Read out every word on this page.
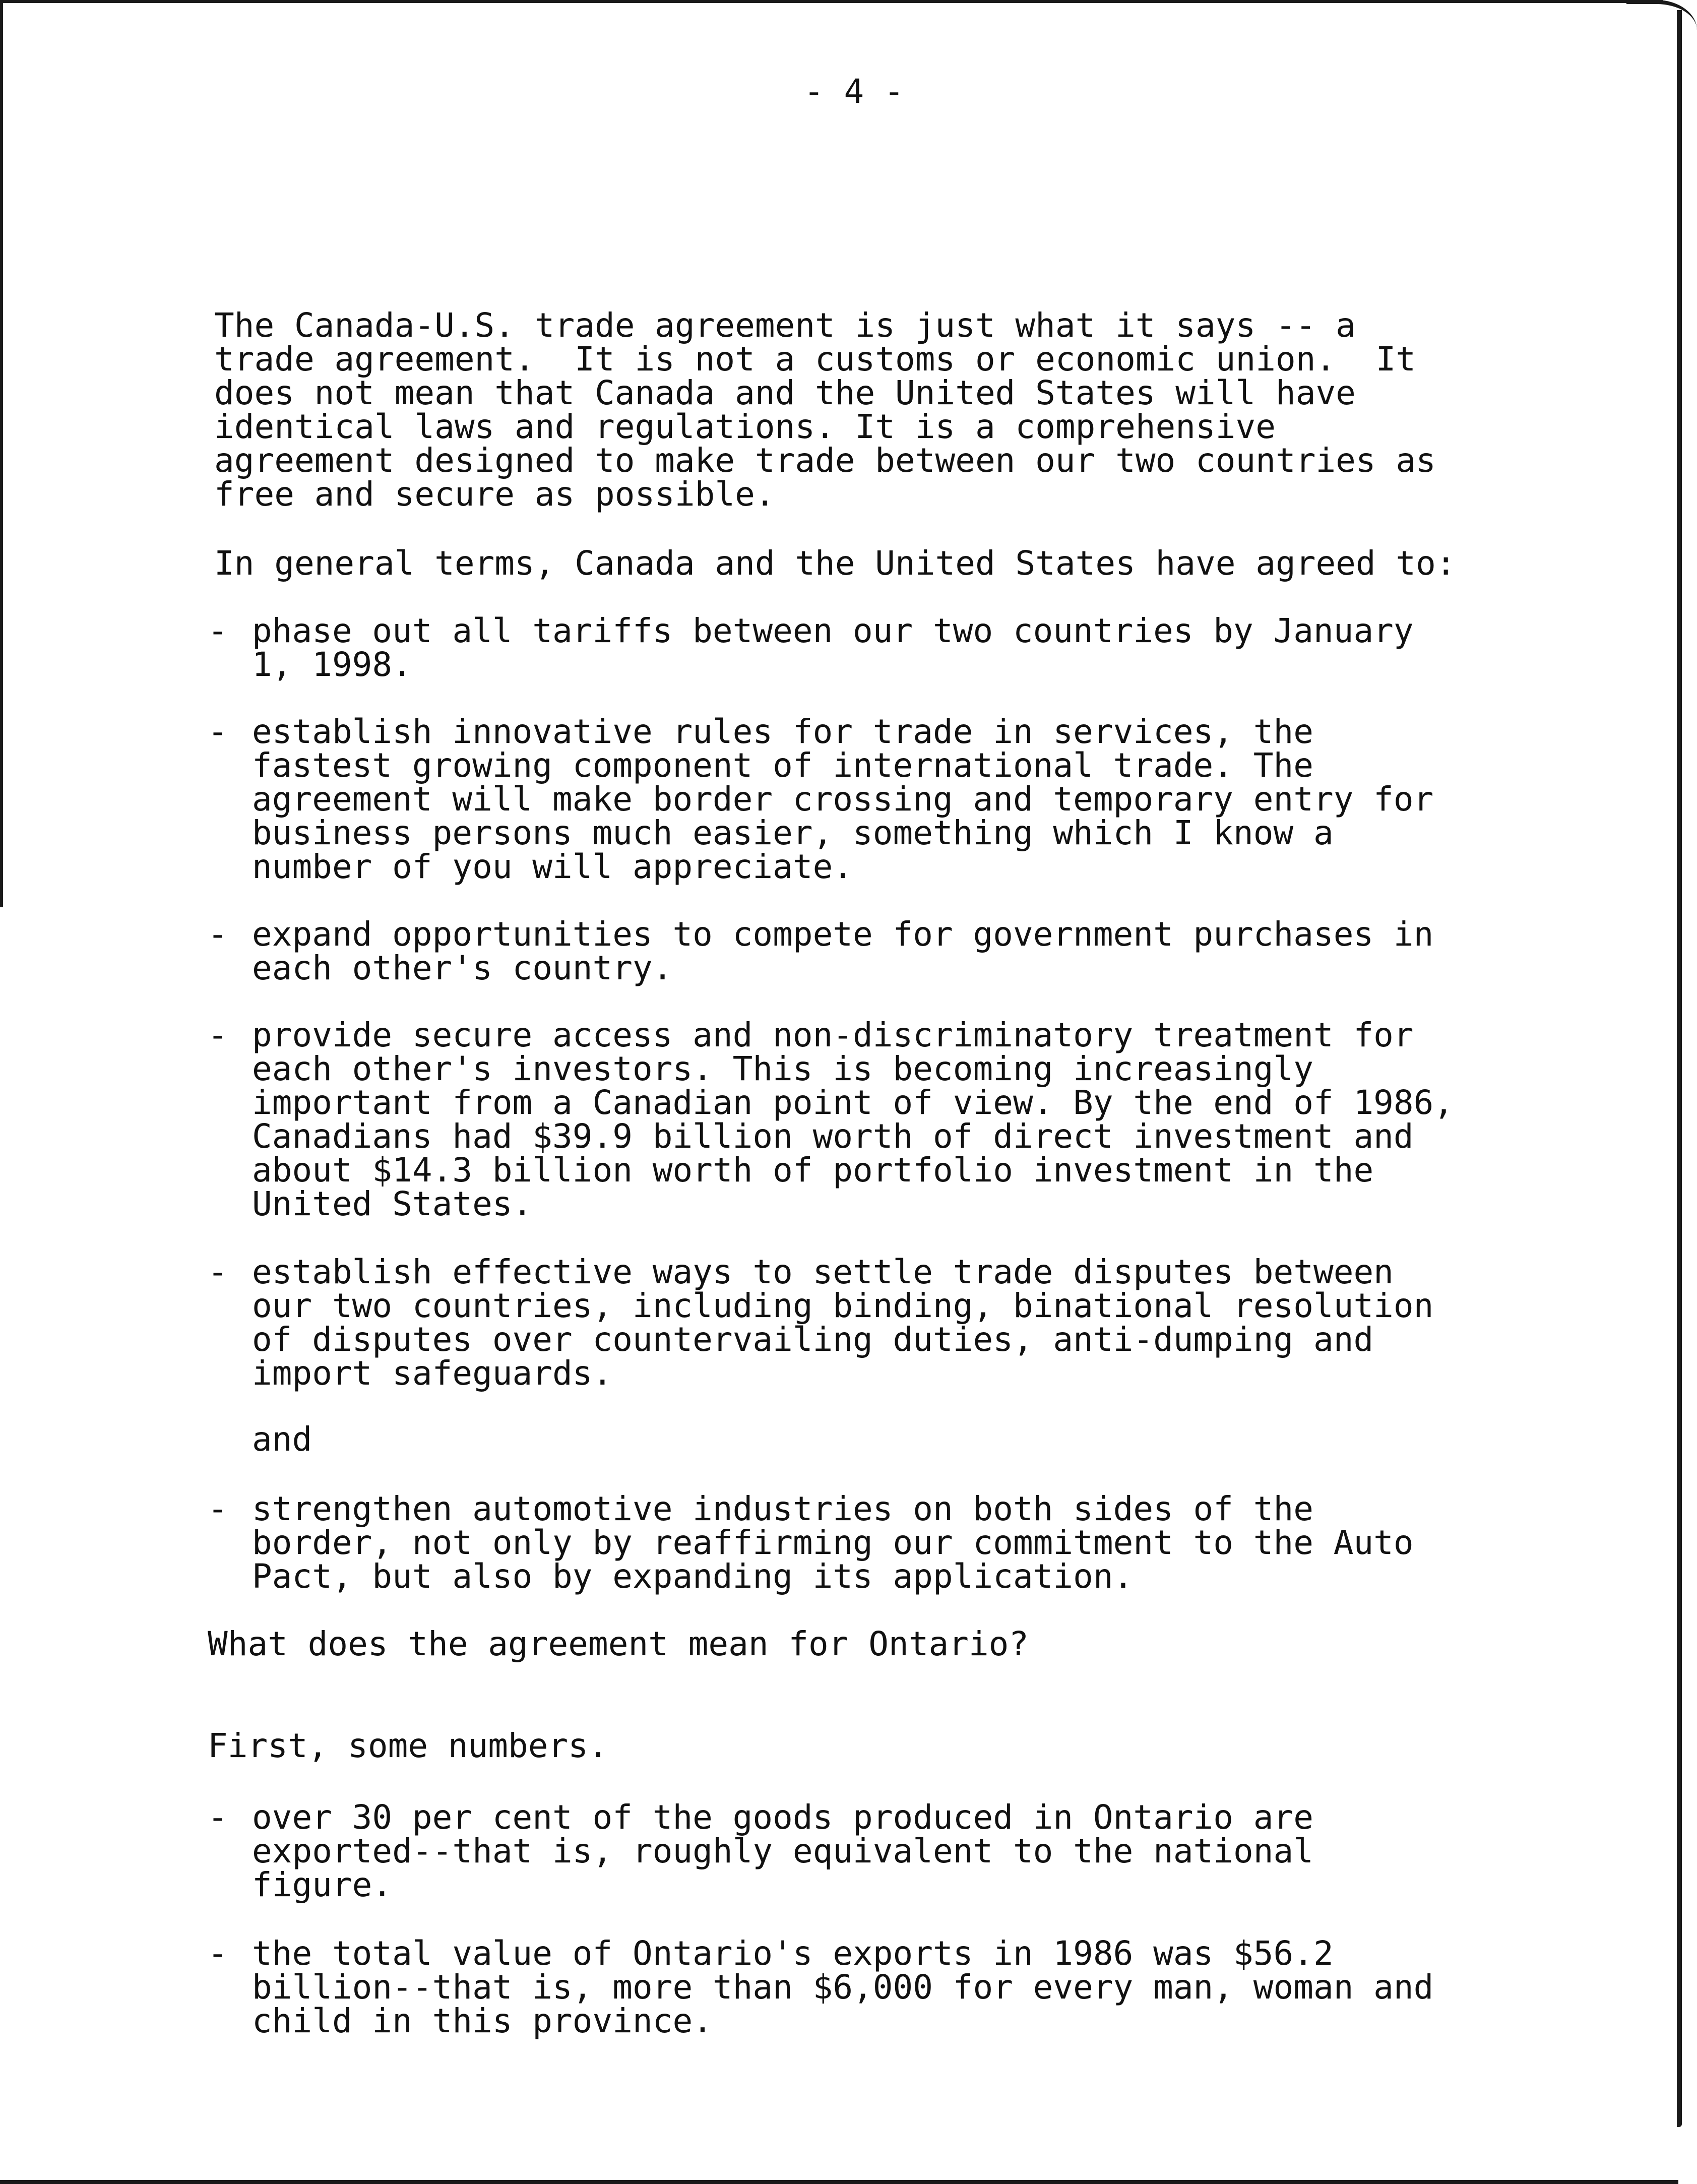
- 4 -

The Canada-U.S. trade agreement is just what it says -- a
trade agreement.  It is not a customs or economic union.  It
does not mean that Canada and the United States will have
identical laws and regulations. It is a comprehensive
agreement designed to make trade between our two countries as
free and secure as possible.

In general terms, Canada and the United States have agreed to:

- phase out all tariffs between our two countries by January
1, 1998.
- establish innovative rules for trade in services, the
fastest growing component of international trade. The
agreement will make border crossing and temporary entry for
business persons much easier, something which I know a
number of you will appreciate.
- expand opportunities to compete for government purchases in
each other's country.
- provide secure access and non-discriminatory treatment for
each other's investors. This is becoming increasingly
important from a Canadian point of view. By the end of 1986,
Canadians had $39.9 billion worth of direct investment and
about $14.3 billion worth of portfolio investment in the
United States.
- establish effective ways to settle trade disputes between
our two countries, including binding, binational resolution
of disputes over countervailing duties, anti-dumping and
import safeguards.

and

- strengthen automotive industries on both sides of the
border, not only by reaffirming our commitment to the Auto
Pact, but also by expanding its application.

What does the agreement mean for Ontario?

First, some numbers.

- over 30 per cent of the goods produced in Ontario are
exported--that is, roughly equivalent to the national
figure.
- the total value of Ontario's exports in 1986 was $56.2
billion--that is, more than $6,000 for every man, woman and
child in this province.
